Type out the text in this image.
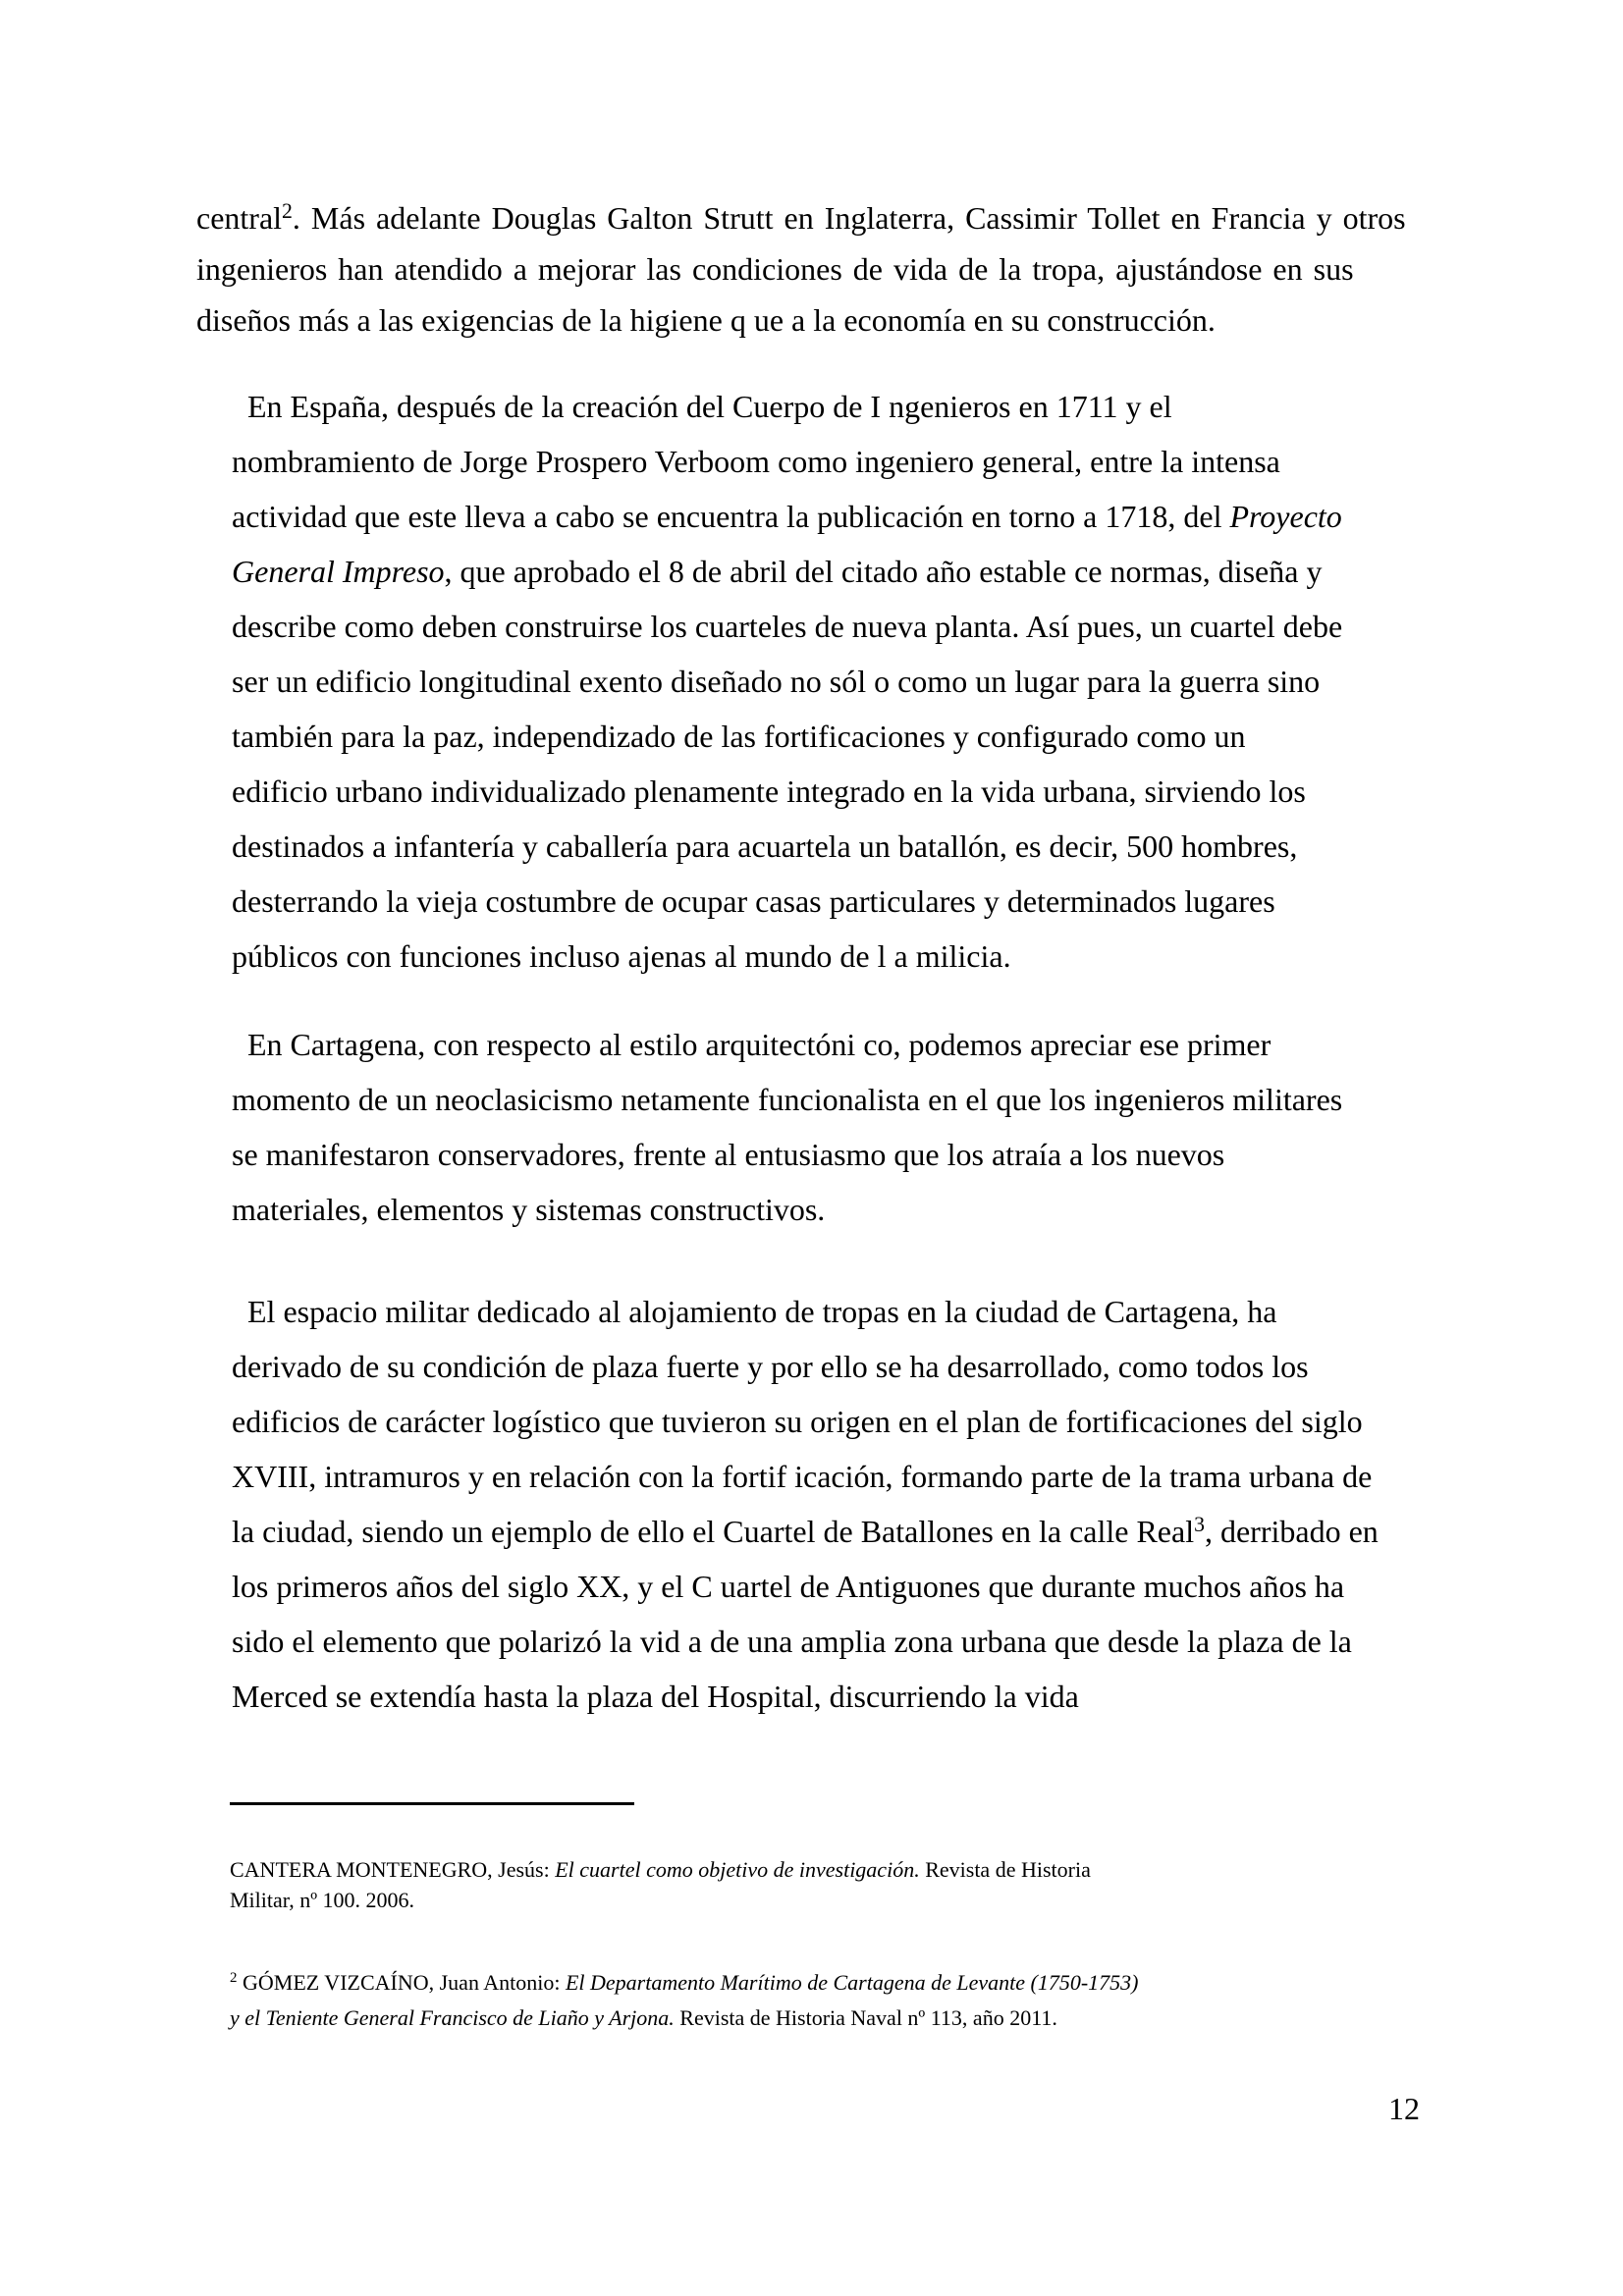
central$^2$. Más adelante Douglas Galton Strutt en Inglaterra, Cassimir Tollet en Francia y otros
ingenieros han atendido a mejorar las condiciones de vida de la tropa, ajustándose en sus
diseños más a las exigencias de la higiene q ue a la economía en su construcción.
En España, después de la creación del Cuerpo de I ngenieros en 1711 y el
nombramiento de Jorge Prospero Verboom como ingeniero general, entre la intensa
actividad que este lleva a cabo se encuentra la publicación en torno a 1718, del Proyecto
General Impreso, que aprobado el 8 de abril del citado año estable ce normas, diseña y
describe como deben construirse los cuarteles de nueva planta. Así pues, un cuartel debe
ser un edificio longitudinal exento diseñado no sól o como un lugar para la guerra sino
también para la paz, independizado de las fortificaciones y configurado como un
edificio urbano individualizado plenamente integrado en la vida urbana, sirviendo los
destinados a infantería y caballería para acuartela un batallón, es decir, 500 hombres,
desterrando la vieja costumbre de ocupar casas particulares y determinados lugares
públicos con funciones incluso ajenas al mundo de l a milicia.
En Cartagena, con respecto al estilo arquitectóni co, podemos apreciar ese primer
momento de un neoclasicismo netamente funcionalista en el que los ingenieros militares
se manifestaron conservadores, frente al entusiasmo que los atraía a los nuevos
materiales, elementos y sistemas constructivos.
El espacio militar dedicado al alojamiento de tropas en la ciudad de Cartagena, ha
derivado de su condición de plaza fuerte y por ello se ha desarrollado, como todos los
edificios de carácter logístico que tuvieron su origen en el plan de fortificaciones del siglo
XVIII, intramuros y en relación con la fortif icación, formando parte de la trama urbana de
la ciudad, siendo un ejemplo de ello el Cuartel de Batallones en la calle Real$^3$, derribado en
los primeros años del siglo XX, y el C uartel de Antiguones que durante muchos años ha
sido el elemento que polarizó la vid a de una amplia zona urbana que desde la plaza de la
Merced se extendía hasta la plaza del Hospital, discurriendo la vida
CANTERA MONTENEGRO, Jesús: El cuartel como objetivo de investigación. Revista de Historia
Militar, nº 100. 2006.
$^2$ GÓMEZ VIZCAÍNO, Juan Antonio: El Departamento Marítimo de Cartagena de Levante (1750-1753)
y el Teniente General Francisco de Liaño y Arjona. Revista de Historia Naval nº 113, año 2011.
12
